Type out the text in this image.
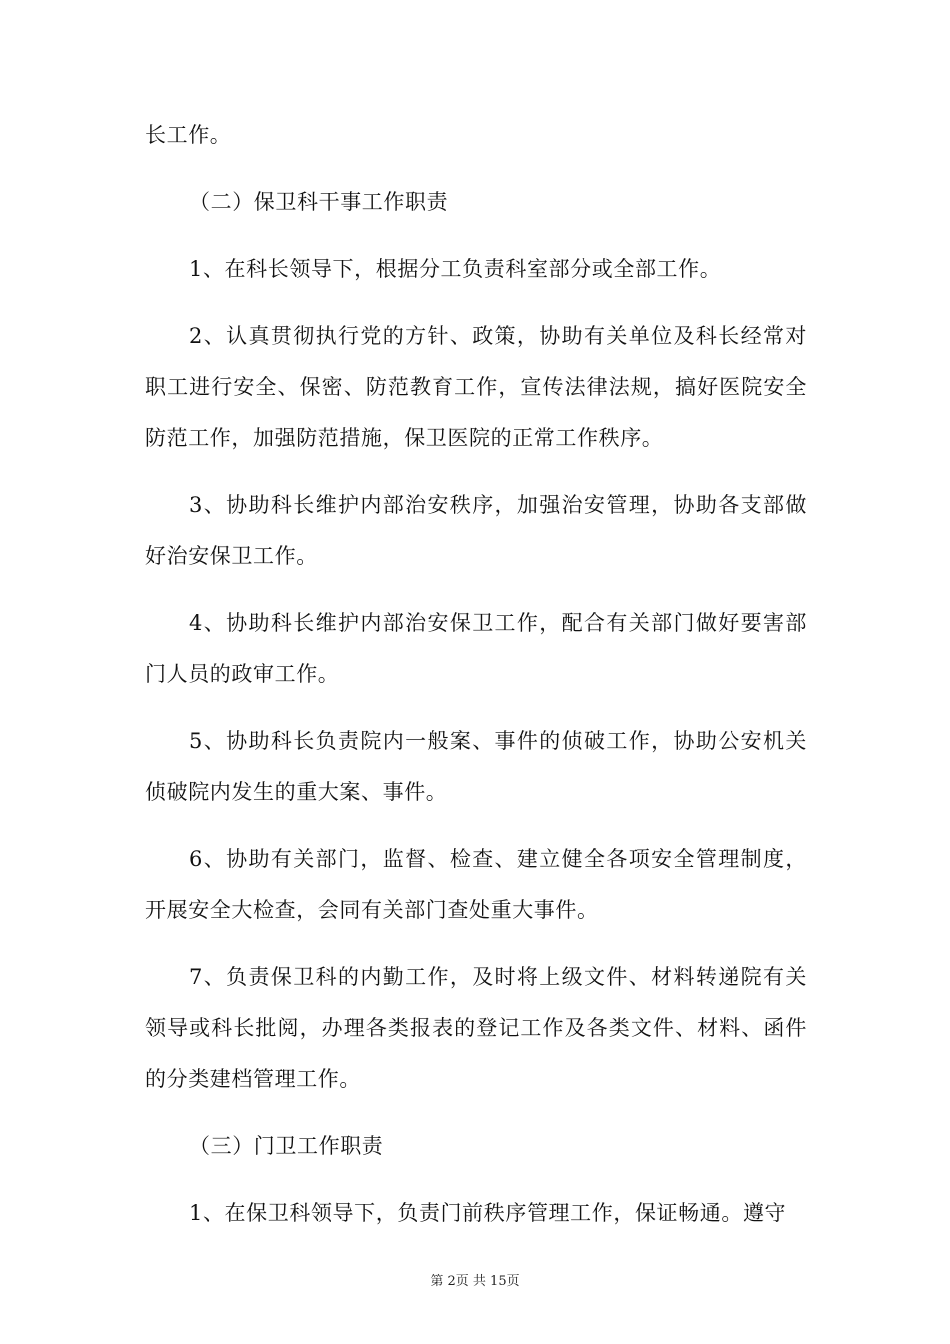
长工作。

（二）保卫科干事工作职责

1、在科长领导下，根据分工负责科室部分或全部工作。

2、认真贯彻执行党的方针、政策，协助有关单位及科长经常对职工进行安全、保密、防范教育工作，宣传法律法规，搞好医院安全防范工作，加强防范措施，保卫医院的正常工作秩序。

3、协助科长维护内部治安秩序，加强治安管理，协助各支部做好治安保卫工作。

4、协助科长维护内部治安保卫工作，配合有关部门做好要害部门人员的政审工作。

5、协助科长负责院内一般案、事件的侦破工作，协助公安机关侦破院内发生的重大案、事件。

6、协助有关部门，监督、检查、建立健全各项安全管理制度，开展安全大检查，会同有关部门查处重大事件。

7、负责保卫科的内勤工作，及时将上级文件、材料转递院有关领导或科长批阅，办理各类报表的登记工作及各类文件、材料、函件的分类建档管理工作。

（三）门卫工作职责

1、在保卫科领导下，负责门前秩序管理工作，保证畅通。遵守

第 2页 共 15页
